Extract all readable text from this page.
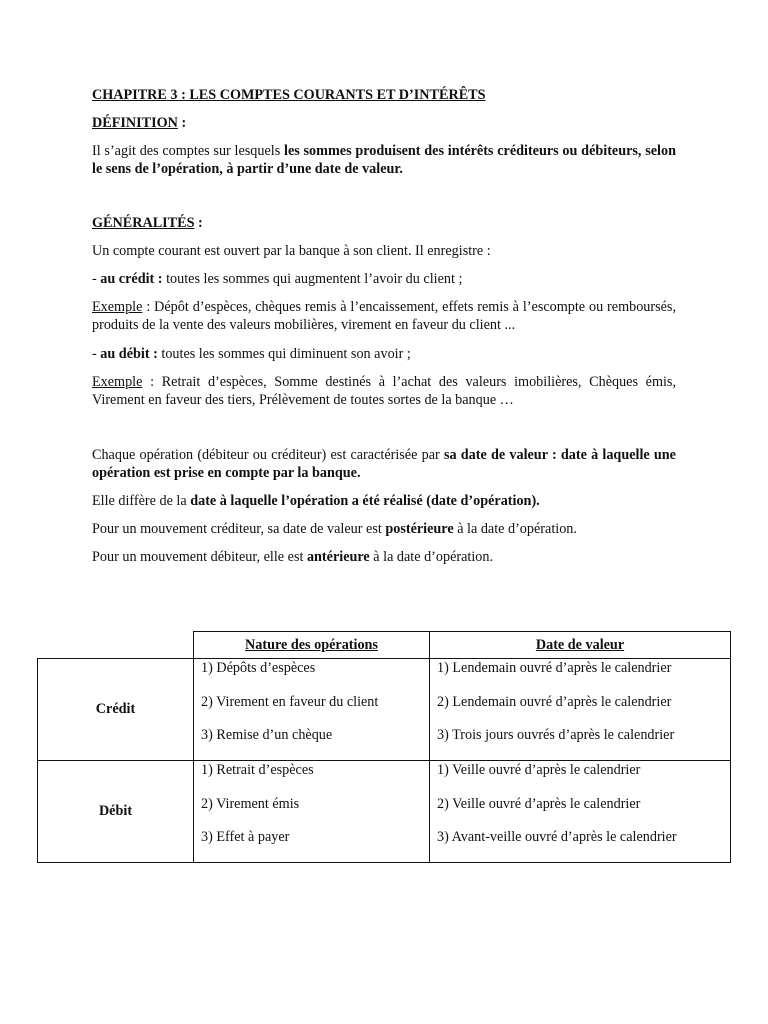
CHAPITRE 3 : LES COMPTES COURANTS ET D’INTÉRÊTS

DÉFINITION :

Il s’agit des comptes sur lesquels les sommes produisent des intérêts créditeurs ou débiteurs, selon le sens de l’opération, à partir d’une date de valeur.

GÉNÉRALITÉS :

Un compte courant est ouvert par la banque à son client. Il enregistre :

- au crédit : toutes les sommes qui augmentent l’avoir du client ;

Exemple : Dépôt d’espèces, chèques remis à l’encaissement, effets remis à l’escompte ou remboursés, produits de la vente des valeurs mobilières, virement en faveur du client ...

- au débit : toutes les sommes qui diminuent son avoir ;

Exemple : Retrait d’espèces, Somme destinés à l’achat des valeurs imobilières, Chèques émis, Virement en faveur des tiers, Prélèvement de toutes sortes de la banque …

Chaque opération (débiteur ou créditeur) est caractérisée par sa date de valeur : date à laquelle une opération est prise en compte par la banque.

Elle diffère de la date à laquelle l’opération a été réalisé (date d’opération).

Pour un mouvement créditeur, sa date de valeur est postérieure à la date d’opération.

Pour un mouvement débiteur, elle est antérieure à la date d’opération.

	Nature des opérations	Date de valeur
Crédit	1) Dépôts d’espèces
2) Virement en faveur du client
3) Remise d’un chèque	1) Lendemain ouvré d’après le calendrier
2) Lendemain ouvré d’après le calendrier
3) Trois jours ouvrés d’après le calendrier

Débit	1) Retrait d’espèces
2) Virement émis
3) Effet à payer	1) Veille ouvré d’après le calendrier
2) Veille ouvré d’après le calendrier
3) Avant-veille ouvré d’après le calendrier
